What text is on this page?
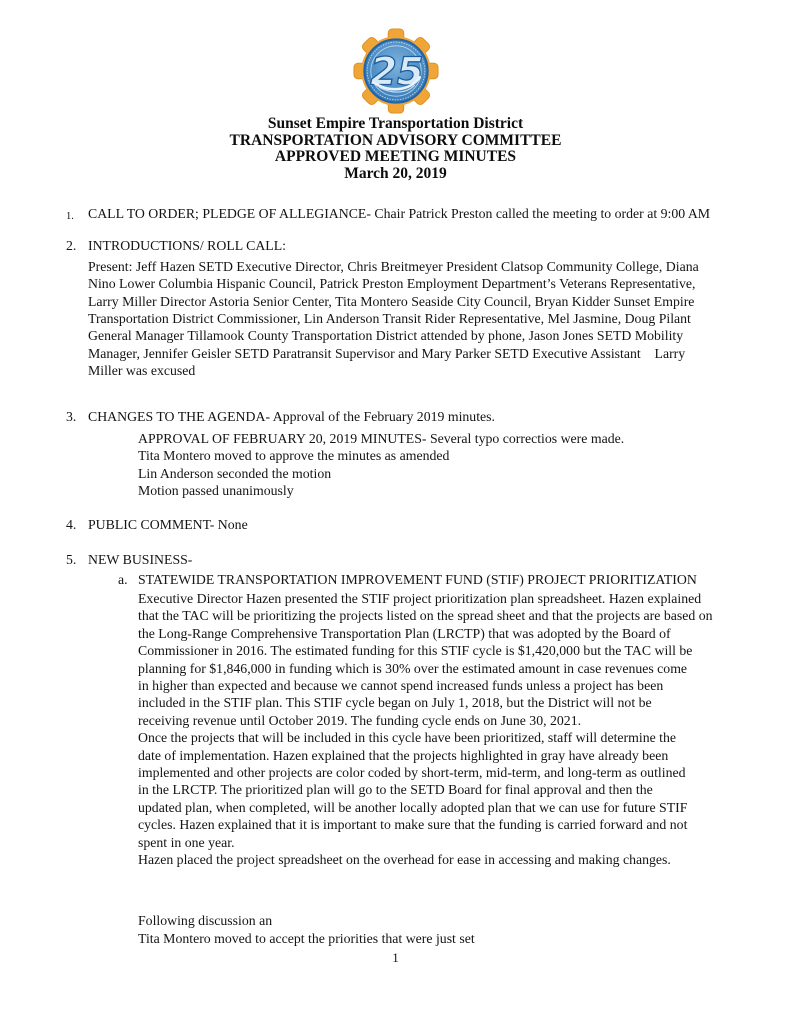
25
Sunset Empire Transportation District
TRANSPORTATION ADVISORY COMMITTEE
APPROVED MEETING MINUTES
March 20, 2019
1. CALL TO ORDER; PLEDGE OF ALLEGIANCE- Chair Patrick Preston called the meeting to order at 9:00 AM
2. INTRODUCTIONS/ ROLL CALL:
Present: Jeff Hazen SETD Executive Director, Chris Breitmeyer President Clatsop Community College, Diana
Nino Lower Columbia Hispanic Council, Patrick Preston Employment Department’s Veterans Representative,
Larry Miller Director Astoria Senior Center, Tita Montero Seaside City Council, Bryan Kidder Sunset Empire
Transportation District Commissioner, Lin Anderson Transit Rider Representative, Mel Jasmine, Doug Pilant
General Manager Tillamook County Transportation District attended by phone, Jason Jones SETD Mobility
Manager, Jennifer Geisler SETD Paratransit Supervisor and Mary Parker SETD Executive Assistant    Larry
Miller was excused
3. CHANGES TO THE AGENDA- Approval of the February 2019 minutes.
APPROVAL OF FEBRUARY 20, 2019 MINUTES- Several typo correctios were made.
Tita Montero moved to approve the minutes as amended
Lin Anderson seconded the motion
Motion passed unanimously
4. PUBLIC COMMENT- None
5. NEW BUSINESS-
a. STATEWIDE TRANSPORTATION IMPROVEMENT FUND (STIF) PROJECT PRIORITIZATION
Executive Director Hazen presented the STIF project prioritization plan spreadsheet. Hazen explained
that the TAC will be prioritizing the projects listed on the spread sheet and that the projects are based on
the Long-Range Comprehensive Transportation Plan (LRCTP) that was adopted by the Board of
Commissioner in 2016. The estimated funding for this STIF cycle is $1,420,000 but the TAC will be
planning for $1,846,000 in funding which is 30% over the estimated amount in case revenues come
in higher than expected and because we cannot spend increased funds unless a project has been
included in the STIF plan. This STIF cycle began on July 1, 2018, but the District will not be
receiving revenue until October 2019. The funding cycle ends on June 30, 2021.
Once the projects that will be included in this cycle have been prioritized, staff will determine the
date of implementation. Hazen explained that the projects highlighted in gray have already been
implemented and other projects are color coded by short-term, mid-term, and long-term as outlined
in the LRCTP. The prioritized plan will go to the SETD Board for final approval and then the
updated plan, when completed, will be another locally adopted plan that we can use for future STIF
cycles. Hazen explained that it is important to make sure that the funding is carried forward and not
spent in one year.
Hazen placed the project spreadsheet on the overhead for ease in accessing and making changes.
Following discussion an
Tita Montero moved to accept the priorities that were just set
1
